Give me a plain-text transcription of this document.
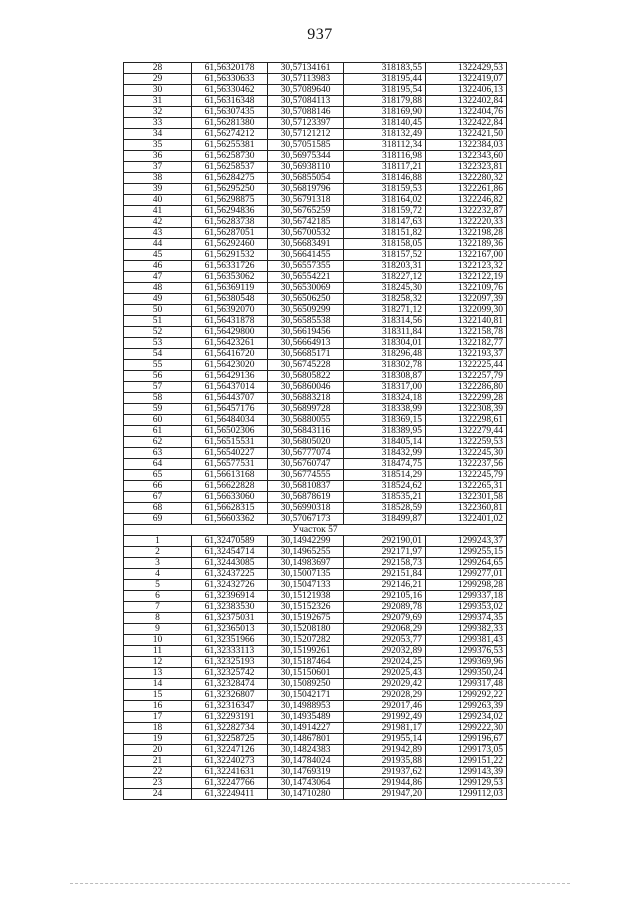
937
28	61,56320178	30,57134161	318183,55	1322429,53
29	61,56330633	30,57113983	318195,44	1322419,07
30	61,56330462	30,57089640	318195,54	1322406,13
31	61,56316348	30,57084113	318179,88	1322402,84
32	61,56307435	30,57088146	318169,90	1322404,76
33	61,56281380	30,57123397	318140,45	1322422,84
34	61,56274212	30,57121212	318132,49	1322421,50
35	61,56255381	30,57051585	318112,34	1322384,03
36	61,56258730	30,56975344	318116,98	1322343,60
37	61,56258537	30,56938110	318117,21	1322323,81
38	61,56284275	30,56855054	318146,88	1322280,32
39	61,56295250	30,56819796	318159,53	1322261,86
40	61,56298875	30,56791318	318164,02	1322246,82
41	61,56294836	30,56765259	318159,72	1322232,87
42	61,56283738	30,56742185	318147,63	1322220,33
43	61,56287051	30,56700532	318151,82	1322198,28
44	61,56292460	30,56683491	318158,05	1322189,36
45	61,56291532	30,56641455	318157,52	1322167,00
46	61,56331726	30,56557355	318203,31	1322123,32
47	61,56353062	30,56554221	318227,12	1322122,19
48	61,56369119	30,56530069	318245,30	1322109,76
49	61,56380548	30,56506250	318258,32	1322097,39
50	61,56392070	30,56509299	318271,12	1322099,30
51	61,56431878	30,56585538	318314,56	1322140,81
52	61,56429800	30,56619456	318311,84	1322158,78
53	61,56423261	30,56664913	318304,01	1322182,77
54	61,56416720	30,56685171	318296,48	1322193,37
55	61,56423020	30,56745228	318302,78	1322225,44
56	61,56429136	30,56805822	318308,87	1322257,79
57	61,56437014	30,56860046	318317,00	1322286,80
58	61,56443707	30,56883218	318324,18	1322299,28
59	61,56457176	30,56899728	318338,99	1322308,39
60	61,56484034	30,56880055	318369,15	1322298,61
61	61,56502306	30,56843116	318389,95	1322279,44
62	61,56515531	30,56805020	318405,14	1322259,53
63	61,56540227	30,56777074	318432,99	1322245,30
64	61,56577531	30,56760747	318474,75	1322237,56
65	61,56613168	30,56774555	318514,29	1322245,79
66	61,56622828	30,56810837	318524,62	1322265,31
67	61,56633060	30,56878619	318535,21	1322301,58
68	61,56628315	30,56990318	318528,59	1322360,81
69	61,56603362	30,57067173	318499,87	1322401,02
Участок 57				
1	61,32470589	30,14942299	292190,01	1299243,37
2	61,32454714	30,14965255	292171,97	1299255,15
3	61,32443085	30,14983697	292158,73	1299264,65
4	61,32437225	30,15007135	292151,84	1299277,01
5	61,32432726	30,15047133	292146,21	1299298,28
6	61,32396914	30,15121938	292105,16	1299337,18
7	61,32383530	30,15152326	292089,78	1299353,02
8	61,32375031	30,15192675	292079,69	1299374,35
9	61,32365013	30,15208180	292068,29	1299382,33
10	61,32351966	30,15207282	292053,77	1299381,43
11	61,32333113	30,15199261	292032,89	1299376,53
12	61,32325193	30,15187464	292024,25	1299369,96
13	61,32325742	30,15150601	292025,43	1299350,24
14	61,32328474	30,15089250	292029,42	1299317,48
15	61,32326807	30,15042171	292028,29	1299292,22
16	61,32316347	30,14988953	292017,46	1299263,39
17	61,32293191	30,14935489	291992,49	1299234,02
18	61,32282734	30,14914227	291981,17	1299222,30
19	61,32258725	30,14867801	291955,14	1299196,67
20	61,32247126	30,14824383	291942,89	1299173,05
21	61,32240273	30,14784024	291935,88	1299151,22
22	61,32241631	30,14769319	291937,62	1299143,39
23	61,32247766	30,14743064	291944,86	1299129,53
24	61,32249411	30,14710280	291947,20	1299112,03
